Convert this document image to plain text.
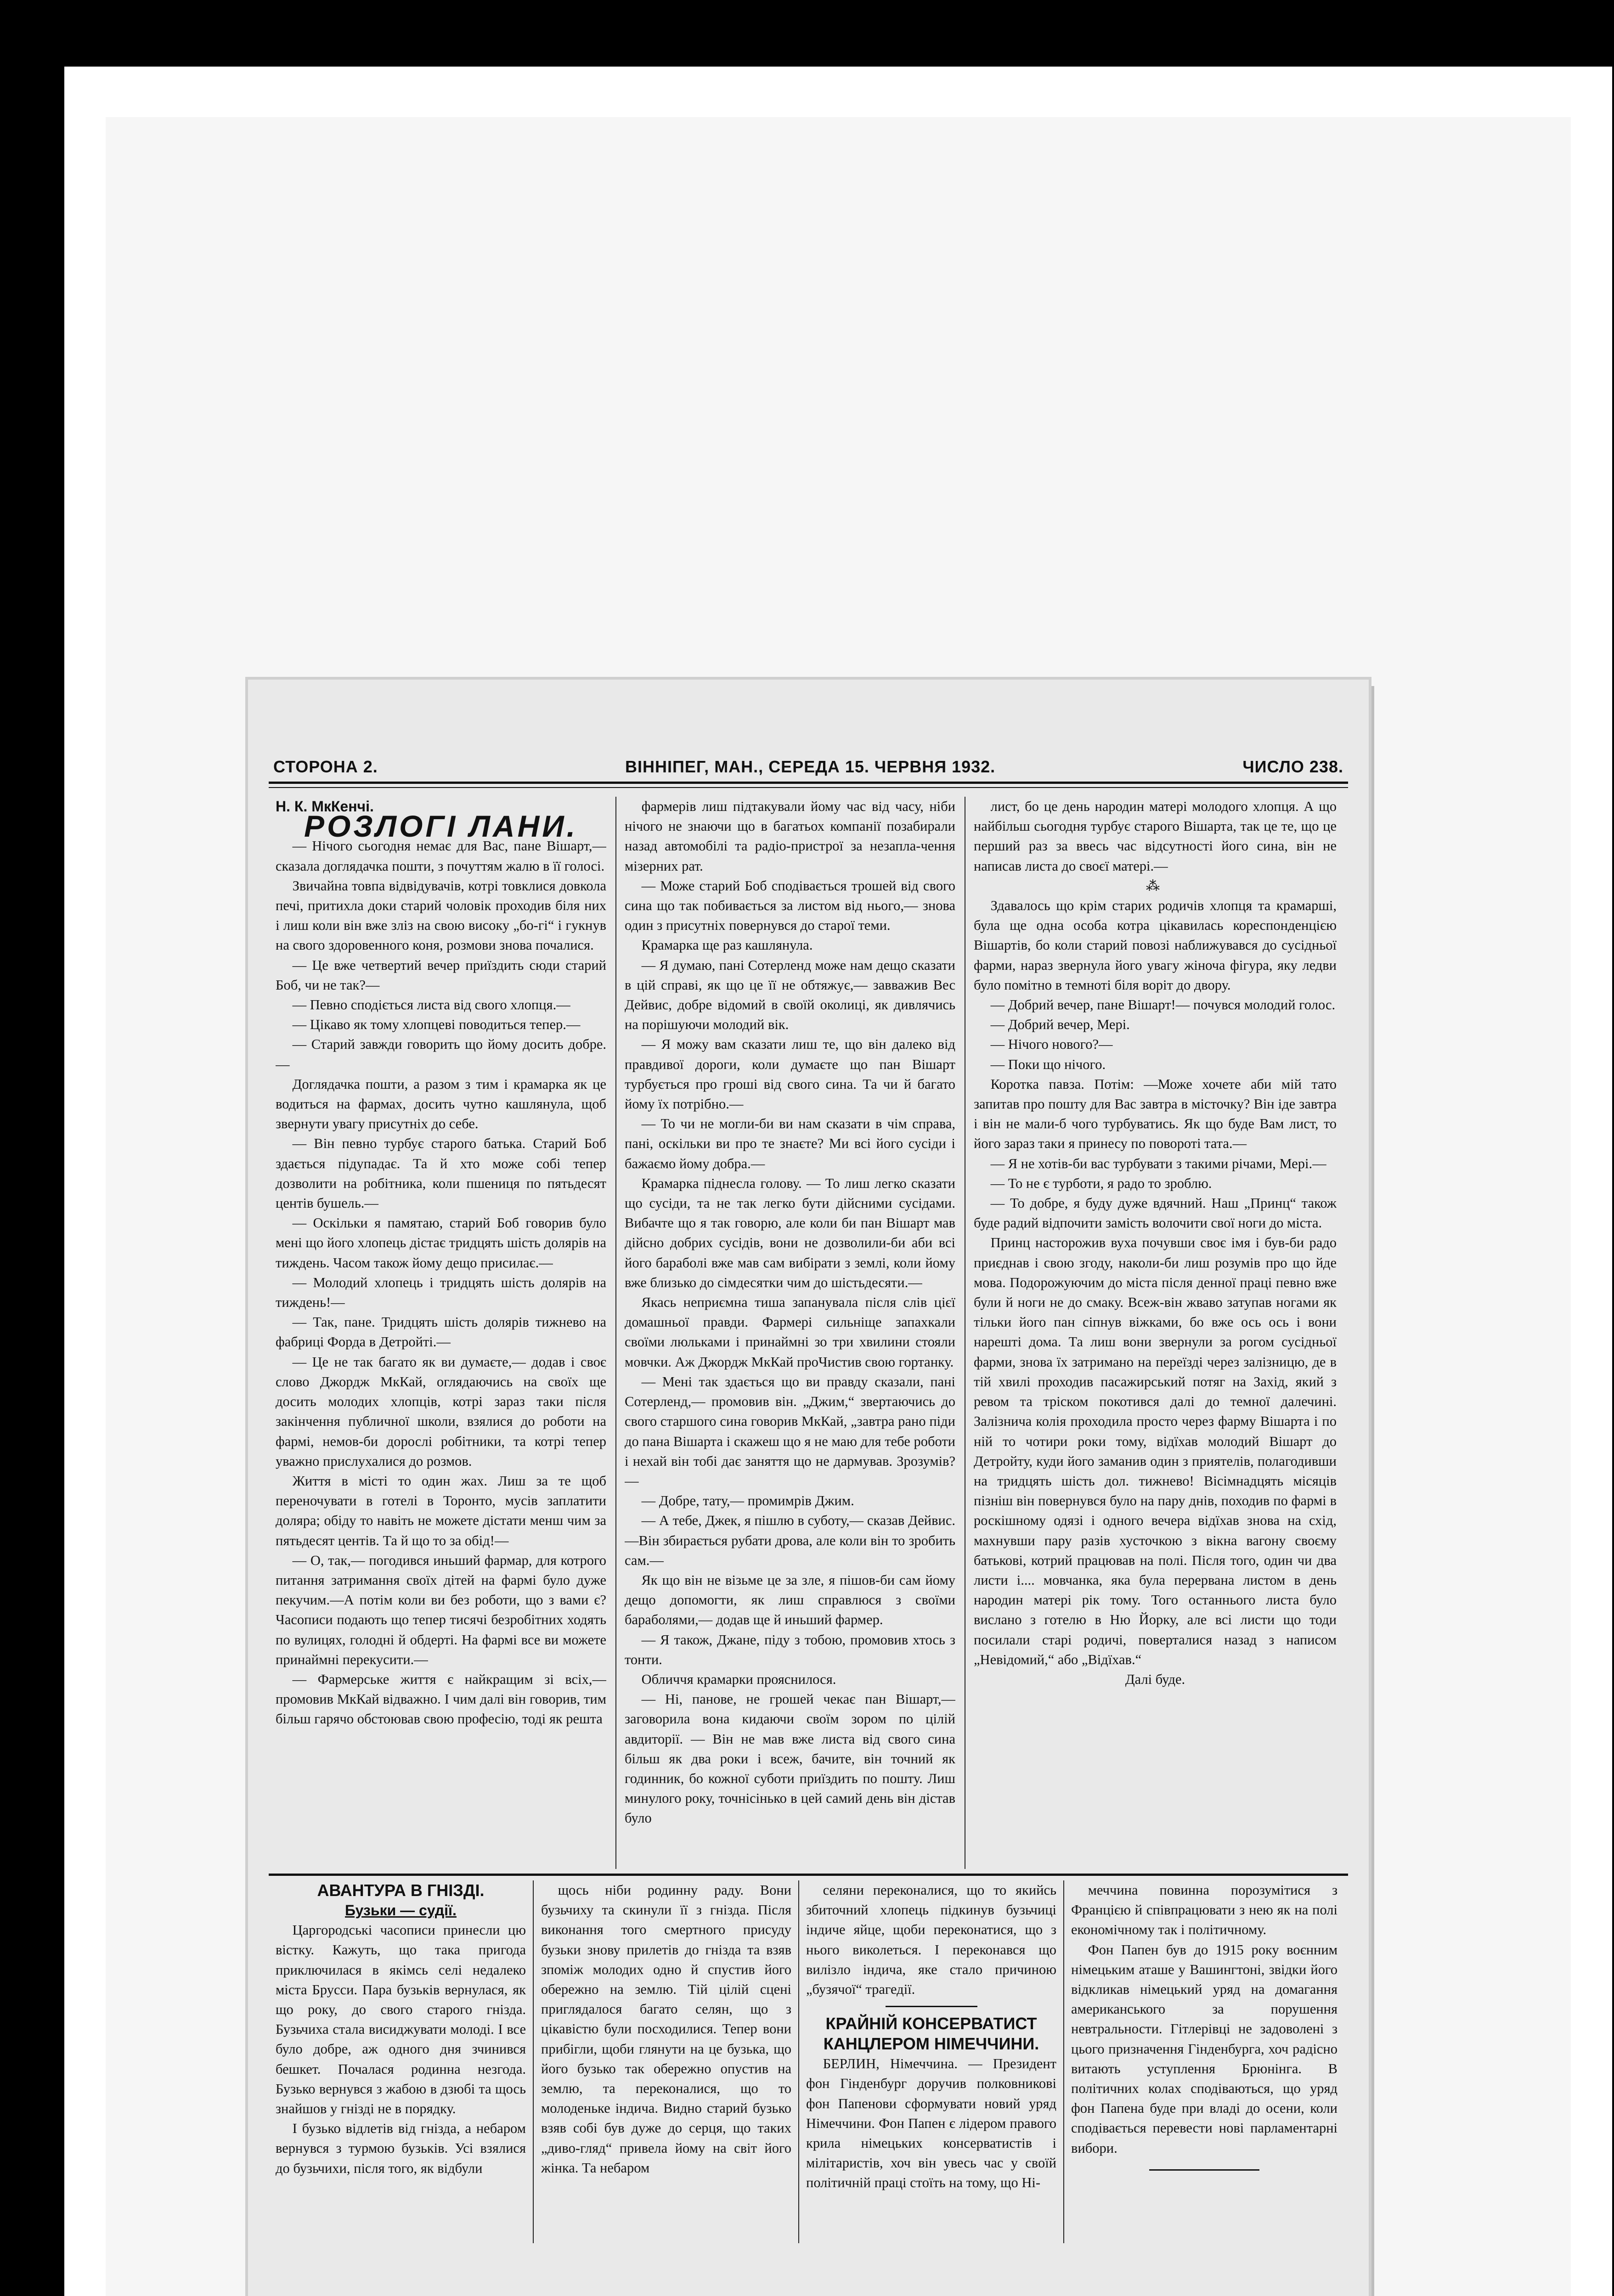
СТОРОНА 2.	ВІННІПЕГ, МАН., СЕРЕДА 15. ЧЕРВНЯ 1932.	ЧИСЛО 238.

Н. К. МкКенчі.

РОЗЛОГІ ЛАНИ.

— Нічого сьогодня немає для Вас, пане Вішарт,— сказала доглядачка пошти, з почуттям жалю в її голосі.

Звичайна товпа відвідувачів, котрі товклися довкола печі, притихла доки старий чоловік проходив біля них і лиш коли він вже зліз на свою високу „бо-гі“ і гукнув на свого здоровенного коня, розмови знова почалися.

— Це вже четвертий вечер приїздить сюди старий Боб, чи не так?—

— Певно сподіється листа від свого хлопця.—

— Цікаво як тому хлопцеві поводиться тепер.—

— Старий завжди говорить що йому досить добре.—

Доглядачка пошти, а разом з тим і крамарка як це водиться на фармах, досить чутно кашлянула, щоб звернути увагу присутніх до себе.

— Він певно турбує старого батька. Старий Боб здається підупадає. Та й хто може собі тепер дозволити на робітника, коли пшениця по пятьдесят центів бушель.—

— Оскільки я памятаю, старий Боб говорив було мені що його хлопець дістає тридцять шість долярів на тиждень. Часом також йому дещо присилає.—

— Молодий хлопець і тридцять шість долярів на тиждень!—

— Так, пане. Тридцять шість долярів тижнево на фабриці Форда в Детройті.—

— Це не так багато як ви думаєте,— додав і своє слово Джордж МкКай, оглядаючись на своїх ще досить молодих хлопців, котрі зараз таки після закінчення публичної школи, взялися до роботи на фармі, немов-би дорослі робітники, та котрі тепер уважно прислухалися до розмов.

Життя в місті то один жах. Лиш за те щоб переночувати в готелі в Торонто, мусів заплатити доляра; обіду то навіть не можете дістати менш чим за пятьдесят центів. Та й що то за обід!—

— О, так,— погодився иньший фармар, для котрого питання затримання своїх дітей на фармі було дуже пекучим.—А потім коли ви без роботи, що з вами є? Часописи подають що тепер тисячі безробітних ходять по вулицях, голодні й обдерті. На фармі все ви можете принаймні перекусити.—

— Фармерське життя є найкращим зі всіх,— промовив МкКай відважно. І чим далі він говорив, тим більш гарячо обстоював свою професію, тоді як решта

фармерів лиш підтакували йому час від часу, ніби нічого не знаючи що в багатьох компанії позабирали назад автомобілі та радіо-пристрої за незапла-чення мізерних рат.

— Може старий Боб сподівається трошей від свого сина що так побивається за листом від нього,— знова один з присутніх повернувся до старої теми.

Крамарка ще раз кашлянула.

— Я думаю, пані Сотерленд може нам дещо сказати в цій справі, як що це її не обтяжує,— завважив Вес Дейвис, добре відомий в своїй околиці, як дивлячись на порішуючи молодий вік.

— Я можу вам сказати лиш те, що він далеко від правдивої дороги, коли думаєте що пан Вішарт турбується про гроші від свого сина. Та чи й багато йому їх потрібно.—

— То чи не могли-би ви нам сказати в чім справа, пані, оскільки ви про те знаєте? Ми всі його сусіди і бажаємо йому добра.—

Крамарка піднесла голову. — То лиш легко сказати що сусіди, та не так легко бути дійсними сусідами. Вибачте що я так говорю, але коли би пан Вішарт мав дійсно добрих сусідів, вони не дозволили-би аби всі його бараболі вже мав сам вибірати з землі, коли йому вже близько до сімдесятки чим до шістьдесяти.—

Якась неприємна тиша запанувала після слів цієї домашньої правди. Фармері сильніще запахкали своїми люльками і принаймні зо три хвилини стояли мовчки. Аж Джордж МкКай проЧистив свою гортанку.

— Мені так здається що ви правду сказали, пані Сотерленд,— промовив він. „Джим,“ звертаючись до свого старшого сина говорив МкКай, „завтра рано піди до пана Вішарта і скажеш що я не маю для тебе роботи і нехай він тобі дає заняття що не дармував. Зрозумів?—

— Добре, тату,— промимрів Джим.

— А тебе, Джек, я пішлю в суботу,— сказав Дейвис. —Він збирається рубати дрова, але коли він то зробить сам.—

Як що він не візьме це за зле, я пішов-би сам йому дещо допомогти, як лиш справлюся з своїми бараболями,— додав ще й иньший фармер.

— Я також, Джане, піду з тобою, промовив хтось з тонти.

Обличчя крамарки прояснилося.

— Ні, панове, не грошей чекає пан Вішарт,— заговорила вона кидаючи своїм зором по цілій авдиторії. — Він не мав вже листа від свого сина більш як два роки і всеж, бачите, він точний як годинник, бо кожної суботи приїздить по пошту. Лиш минулого року, точнісінько в цей самий день він дістав було

лист, бо це день народин матері молодого хлопця. А що найбільш сьогодня турбує старого Вішарта, так це те, що це перший раз за ввесь час відсутності його сина, він не написав листа до своєї матері.—

⁂

Здавалось що крім старих родичів хлопця та крамарші, була ще одна особа котра цікавилась кореспонденцією Вішартів, бо коли старий повозі наближувався до сусідньої фарми, нараз звернула його увагу жіноча фігура, яку ледви було помітно в темноті біля воріт до двору.

— Добрий вечер, пане Вішарт!— почувся молодий голос.

— Добрий вечер, Мері.

— Нічого нового?—

— Поки що нічого.

Коротка павза. Потім: —Може хочете аби мій тато запитав про пошту для Вас завтра в місточку? Він іде завтра і він не мали-б чого турбуватись. Як що буде Вам лист, то його зараз таки я принесу по повороті тата.—

— Я не хотів-би вас турбувати з такими річами, Мері.—

— То не є турботи, я радо то зроблю.

— То добре, я буду дуже вдячний. Наш „Принц“ також буде радий відпочити замість волочити свої ноги до міста.

Принц насторожив вуха почувши своє імя і був-би радо приєднав і свою згоду, наколи-би лиш розумів про що йде мова. Подорожуючим до міста після денної праці певно вже були й ноги не до смаку. Всеж-він жваво затупав ногами як тільки його пан сіпнув віжками, бо вже ось ось і вони нарешті дома. Та лиш вони звернули за рогом сусідньої фарми, знова їх затримано на переїзді через залізницю, де в тій хвилі проходив пасажирський потяг на Захід, який з ревом та тріском покотився далі до темної далечині. Залізнича колія проходила просто через фарму Вішарта і по ній то чотири роки тому, відїхав молодий Вішарт до Детройту, куди його заманив один з приятелів, полагодивши на тридцять шість дол. тижнево! Вісімнадцять місяців пізніш він повернувся було на пару днів, походив по фармі в роскішному одязі і одного вечера відїхав знова на схід, махнувши пару разів хусточкою з вікна вагону своєму батькові, котрий працював на полі. Після того, один чи два листи і.... мовчанка, яка була перервана листом в день народин матері рік тому. Того останнього листа було вислано з готелю в Ню Йорку, але всі листи що тоди посилали старі родичі, поверталися назад з написом „Невідомий,“ або „Відїхав.“

Далі буде.

АВАНТУРА В ГНІЗДІ.

Бузьки — судії.

Царгородські часописи принесли цю вістку. Кажуть, що така пригода приключилася в якімсь селі недалеко міста Брусси. Пара бузьків вернулася, як що року, до свого старого гнізда. Бузьчиха стала висиджувати молоді. І все було добре, аж одного дня зчинився бешкет. Почалася родинна незгода. Бузько вернувся з жабою в дзюбі та щось знайшов у гнізді не в порядку.

І бузько відлетів від гнізда, а небаром вернувся з турмою бузьків. Усі взялися до бузьчихи, після того, як відбули

щось ніби родинну раду. Вони бузьчиху та скинули її з гнізда. Після виконання того смертного присуду бузьки знову прилетів до гнізда та взяв зпоміж молодих одно й спустив його обережно на землю. Тій цілій сцені приглядалося багато селян, що з цікавістю були посходилися. Тепер вони прибігли, щоби глянути на це бузька, що його бузько так обережно опустив на землю, та переконалися, що то молоденьке індича. Видно старий бузько взяв собі був дуже до серця, що таких „диво-гляд“ привела йому на світ його жінка. Та небаром

селяни переконалися, що то якийсь збиточний хлопець підкинув бузьчиці індиче яйце, щоби переконатися, що з нього виколеться. І переконався що вилізло індича, яке стало причиною „бузячої“ трагедії.

КРАЙНІЙ КОНСЕРВАТИСТ КАНЦЛЕРОМ НІМЕЧЧИНИ.

БЕРЛИН, Німеччина. — Президент фон Гінденбург доручив полковникові фон Папенови сформувати новий уряд Німеччини. Фон Папен є лідером правого крила німецьких консерватистів і мілітаристів, хоч він увесь час у своїй політичній праці стоїть на тому, що Ні-

меччина повинна порозумітися з Францією й співпрацювати з нею як на полі економічному так і політичному.

Фон Папен був до 1915 року воєнним німецьким аташе у Вашингтоні, звідки його відкликав німецький уряд на домагання американського за порушення невтральности. Гітлерівці не задоволені з цього призначення Гінденбурга, хоч радісно витають уступлення Брюнінга. В політичних колах сподіваються, що уряд фон Папена буде при владі до осени, коли сподівається перевести нові парламентарні вибори.
